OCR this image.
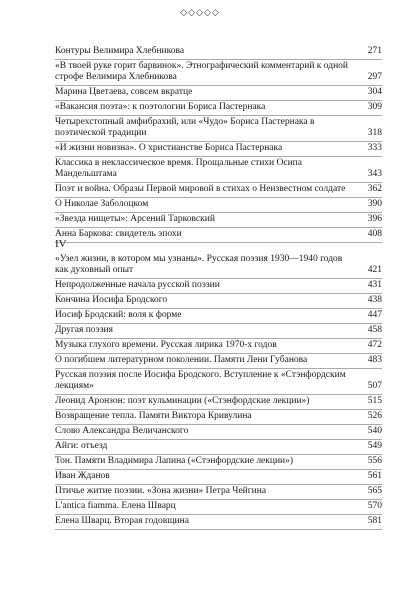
◇◇◇◇◇
Контуры Велимира Хлебникова	271
«В твоей руке горит барвинок». Этнографический комментарий к одной строфе Велимира Хлебникова	297
Марина Цветаева, совсем вкратце	304
«Вакансия поэта»: к поэтологии Бориса Пастернака	309
Четырехстопный амфибрахий, или «Чудо» Бориса Пастернака в поэтической традиции	318
«И жизни новизна». О христианстве Бориса Пастернака	333
Классика в неклассическое время. Прощальные стихи Осипа Мандельштама	343
Поэт и война. Образы Первой мировой в стихах о Неизвестном солдате	362
О Николае Заболоцком	390
«Звезда нищеты»: Арсений Тарковский	396
Анна Баркова: свидетель эпохи	408
IV
«Узел жизни, в котором мы узнаны». Русская поэзия 1930—1940 годов как духовный опыт	421
Непродолженные начала русской поэзии	431
Кончина Иосифа Бродского	438
Иосиф Бродский: воля к форме	447
Другая поэзия	458
Музыка глухого времени. Русская лирика 1970-х годов	472
О погибшем литературном поколении. Памяти Лени Губанова	483
Русская поэзия после Иосифа Бродского. Вступление к «Стэнфордским лекциям»	507
Леонид Аронзон: поэт кульминации («Стэнфордские лекции»)	515
Возвращение тепла. Памяти Виктора Кривулина	526
Слово Александра Величанского	540
Айги: отъезд	549
Тон. Памяти Владимира Лапина («Стэнфордские лекции»)	556
Иван Жданов	561
Птичье житие поэзии. «Зона жизни» Петра Чейгина	565
L'antica fiamma. Елена Шварц	570
Елена Шварц. Вторая годовщина	581
